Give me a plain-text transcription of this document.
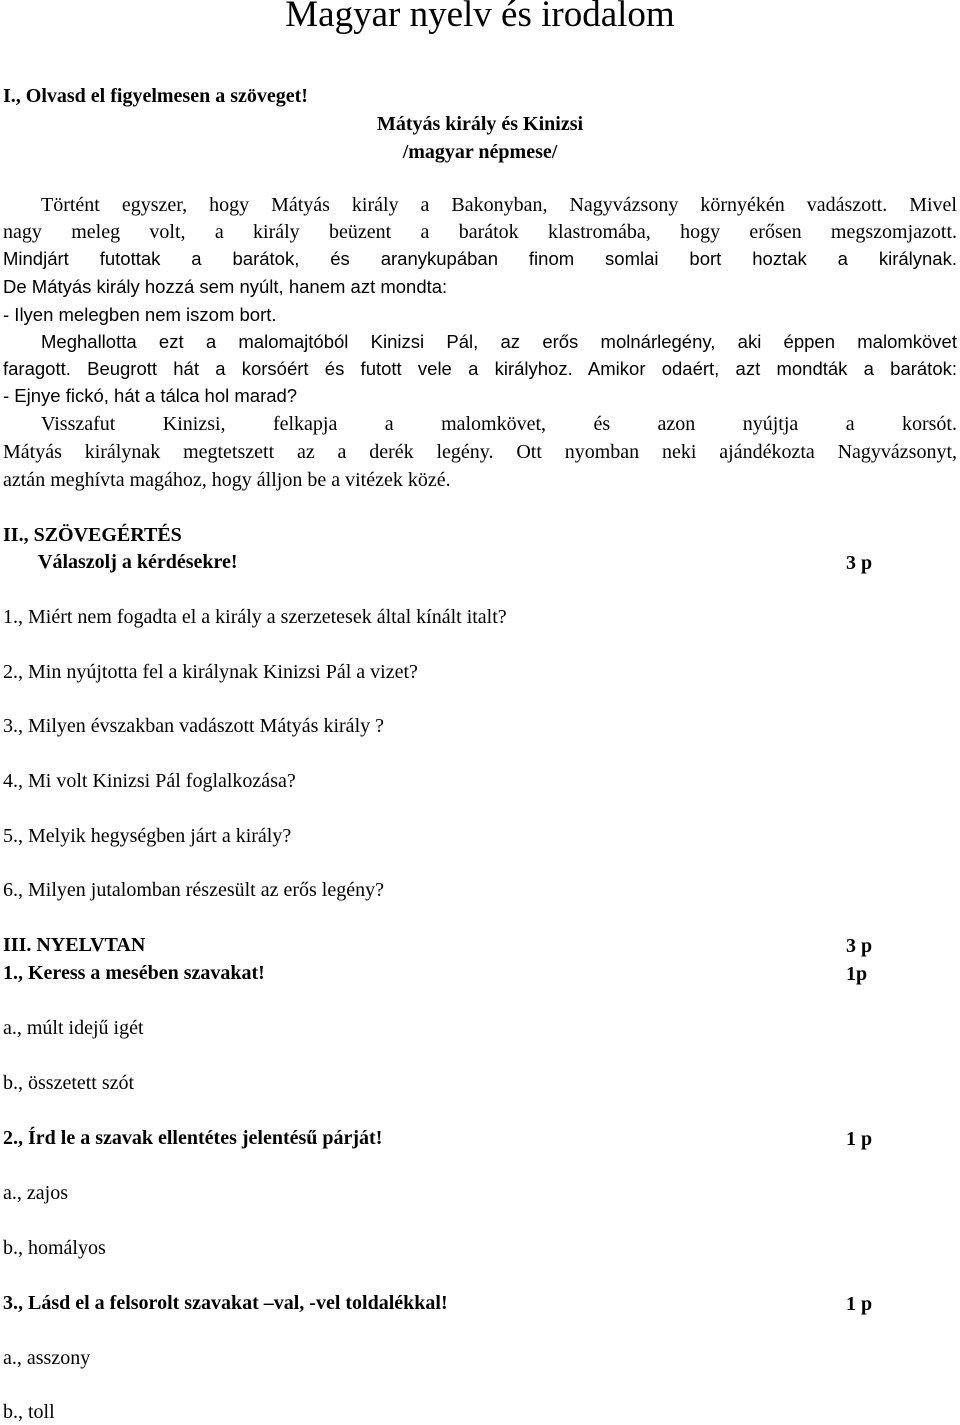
Magyar nyelv és irodalom
I., Olvasd el figyelmesen a szöveget!
Mátyás király és Kinizsi
/magyar népmese/
Történt egyszer, hogy Mátyás király a Bakonyban, Nagyvázsony környékén vadászott. Mivel
nagy meleg volt, a király beüzent a barátok klastromába, hogy erősen megszomjazott.
Mindjárt futottak a barátok, és aranykupában finom somlai bort hoztak a királynak.
De Mátyás király hozzá sem nyúlt, hanem azt mondta:
- Ilyen melegben nem iszom bort.
Meghallotta ezt a malomajtóból Kinizsi Pál, az erős molnárlegény, aki éppen malomkövet
faragott. Beugrott hát a korsóért és futott vele a királyhoz. Amikor odaért, azt mondták a barátok:
- Ejnye fickó, hát a tálca hol marad?
Visszafut Kinizsi, felkapja a malomkövet, és azon nyújtja a korsót.
Mátyás királynak megtetszett az a derék legény. Ott nyomban neki ajándékozta Nagyvázsonyt,
aztán meghívta magához, hogy álljon be a vitézek közé.
II., SZÖVEGÉRTÉS
Válaszolj a kérdésekre!	3 p
1., Miért nem fogadta el a király a szerzetesek által kínált italt?
2., Min nyújtotta fel a királynak Kinizsi Pál a vizet?
3., Milyen évszakban vadászott Mátyás király ?
4., Mi volt Kinizsi Pál foglalkozása?
5., Melyik hegységben járt a király?
6., Milyen jutalomban részesült az erős legény?
III. NYELVTAN	3 p
1., Keress a mesében szavakat!	1p
a., múlt idejű igét
b., összetett szót
2., Írd le a szavak ellentétes jelentésű párját!	1 p
a., zajos
b., homályos
3., Lásd el a felsorolt szavakat –val, -vel toldalékkal!	1 p
a., asszony
b., toll
